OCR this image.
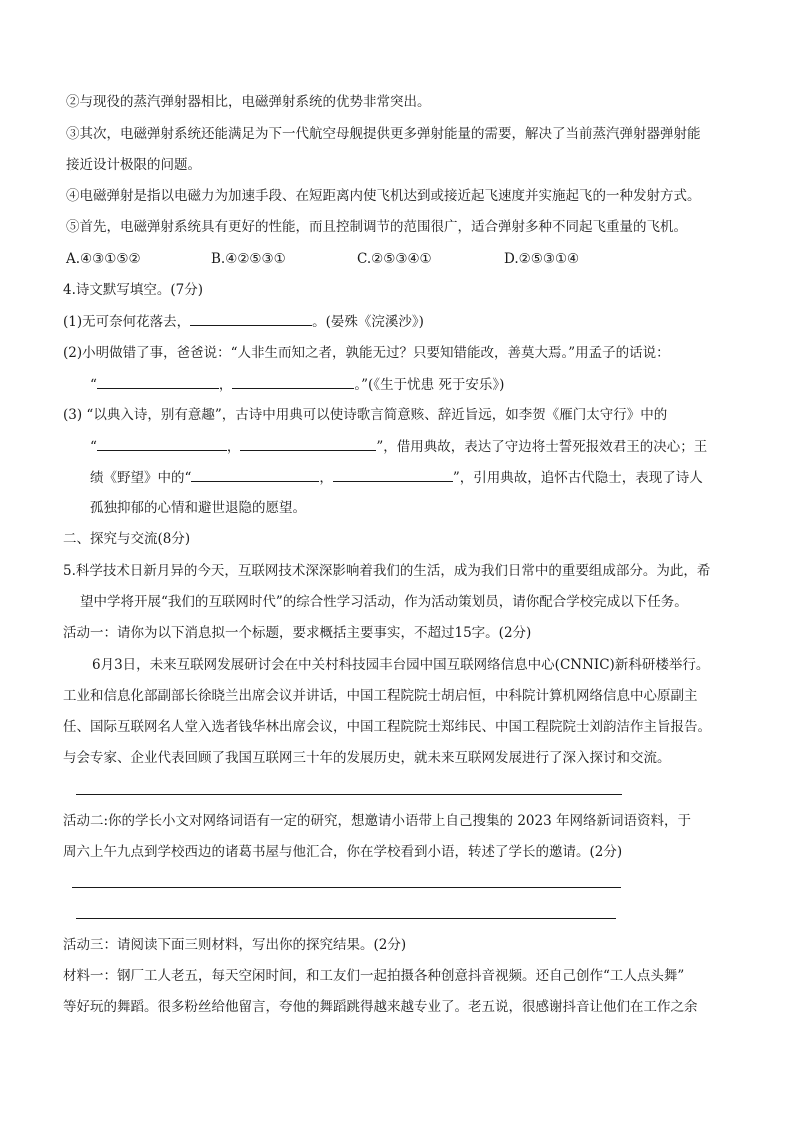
②与现役的蒸汽弹射器相比，电磁弹射系统的优势非常突出。
③其次，电磁弹射系统还能满足为下一代航空母舰提供更多弹射能量的需要，解决了当前蒸汽弹射器弹射能
接近设计极限的问题。
④电磁弹射是指以电磁力为加速手段、在短距离内使飞机达到或接近起飞速度并实施起飞的一种发射方式。
⑤首先，电磁弹射系统具有更好的性能，而且控制调节的范围很广，适合弹射多种不同起飞重量的飞机。
A.④③①⑤②	B.④②⑤③①	C.②⑤③④①	D.②⑤③①④
4.诗文默写填空。(7分)
(1)无可奈何花落去，	。(晏殊《浣溪沙》)
(2)小明做错了事，爸爸说：“人非生而知之者，孰能无过？只要知错能改，善莫大焉。”用孟子的话说：
“	，	。”(《生于忧患 死于安乐》)
(3) “以典入诗，别有意趣”，古诗中用典可以使诗歌言简意赅、辞近旨远，如李贺《雁门太守行》中的
“	，	”，借用典故，表达了守边将士誓死报效君王的决心；王
绩《野望》中的“	，	”，引用典故，追怀古代隐士，表现了诗人
孤独抑郁的心情和避世退隐的愿望。
二、探究与交流(8分)
5.科学技术日新月异的今天，互联网技术深深影响着我们的生活，成为我们日常中的重要组成部分。为此，希
望中学将开展“我们的互联网时代”的综合性学习活动，作为活动策划员，请你配合学校完成以下任务。
活动一：请你为以下消息拟一个标题，要求概括主要事实，不超过15字。(2分)
6月3日，未来互联网发展研讨会在中关村科技园丰台园中国互联网络信息中心(CNNIC)新科研楼举行。
工业和信息化部副部长徐晓兰出席会议并讲话，中国工程院院士胡启恒，中科院计算机网络信息中心原副主
任、国际互联网名人堂入选者钱华林出席会议，中国工程院院士郑纬民、中国工程院院士刘韵洁作主旨报告。
与会专家、企业代表回顾了我国互联网三十年的发展历史，就未来互联网发展进行了深入探讨和交流。
活动二:你的学长小文对网络词语有一定的研究，想邀请小语带上自己搜集的 2023 年网络新词语资料，于
周六上午九点到学校西边的诸葛书屋与他汇合，你在学校看到小语，转述了学长的邀请。(2分)
活动三：请阅读下面三则材料，写出你的探究结果。(2分)
材料一：钢厂工人老五，每天空闲时间，和工友们一起拍摄各种创意抖音视频。还自己创作“工人点头舞”
等好玩的舞蹈。很多粉丝给他留言，夸他的舞蹈跳得越来越专业了。老五说，很感谢抖音让他们在工作之余
